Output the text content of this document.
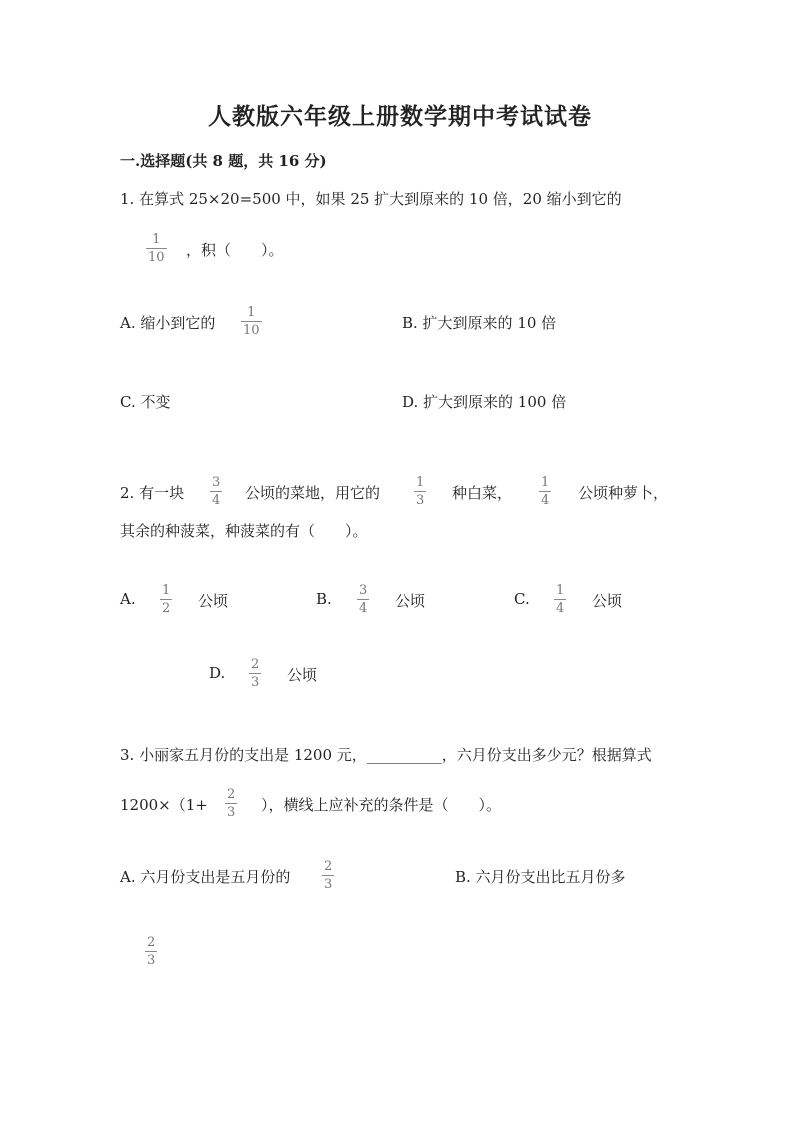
人教版六年级上册数学期中考试试卷
一.选择题(共 8 题，共 16 分)
1. 在算式 25×20=500 中，如果 25 扩大到原来的 10 倍，20 缩小到它的
1
10 ，积（　　）。
A. 缩小到它的
1
10	B. 扩大到原来的 10 倍
C. 不变	D. 扩大到原来的 100 倍
2. 有一块
3
4 公顷的菜地，用它的
1
3 种白菜，
1
4 公顷种萝卜，
其余的种菠菜，种菠菜的有（　　）。
A. 1
2 公顷	B. 3
4 公顷	C. 1
4 公顷
D. 2
3 公顷
3. 小丽家五月份的支出是 1200 元，__________，六月份支出多少元？根据算式
1200×（1+
2
3 ），横线上应补充的条件是（　　）。
A. 六月份支出是五月份的
2
3	B. 六月份支出比五月份多
2
3
